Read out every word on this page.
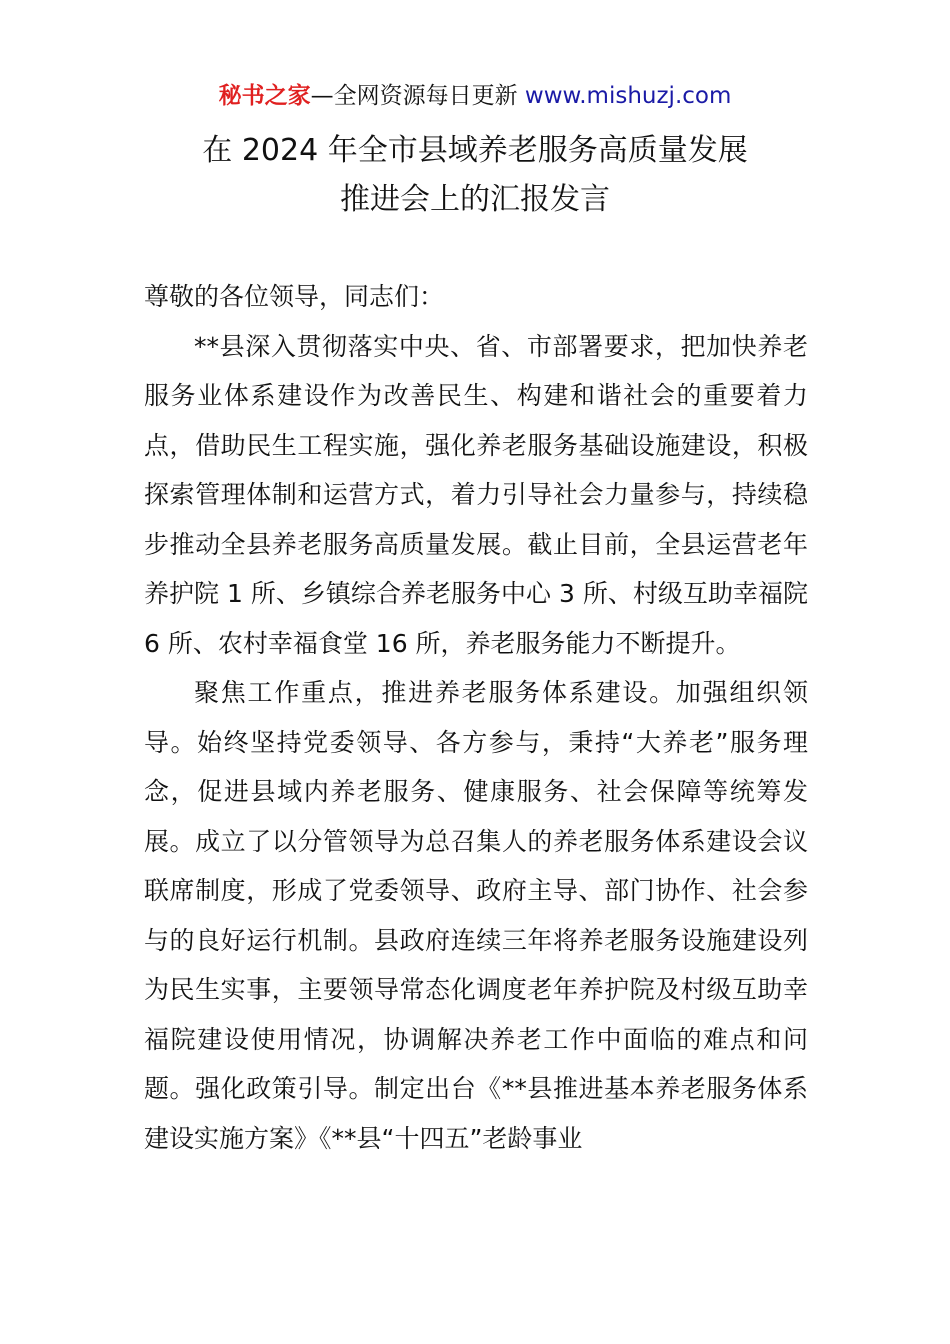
秘书之家—全网资源每日更新 www.mishuzj.com
在 2024 年全市县域养老服务高质量发展
推进会上的汇报发言

尊敬的各位领导，同志们：

**县深入贯彻落实中央、省、市部署要求，把加快养老服务业体系建设作为改善民生、构建和谐社会的重要着力点，借助民生工程实施，强化养老服务基础设施建设，积极探索管理体制和运营方式，着力引导社会力量参与，持续稳步推动全县养老服务高质量发展。截止目前，全县运营老年养护院 1 所、乡镇综合养老服务中心 3 所、村级互助幸福院 6 所、农村幸福食堂 16 所，养老服务能力不断提升。

聚焦工作重点，推进养老服务体系建设。加强组织领导。始终坚持党委领导、各方参与，秉持“大养老”服务理念，促进县域内养老服务、健康服务、社会保障等统筹发展。成立了以分管领导为总召集人的养老服务体系建设会议联席制度，形成了党委领导、政府主导、部门协作、社会参与的良好运行机制。县政府连续三年将养老服务设施建设列为民生实事，主要领导常态化调度老年养护院及村级互助幸福院建设使用情况，协调解决养老工作中面临的难点和问题。强化政策引导。制定出台《**县推进基本养老服务体系建设实施方案》《**县“十四五”老龄事业
